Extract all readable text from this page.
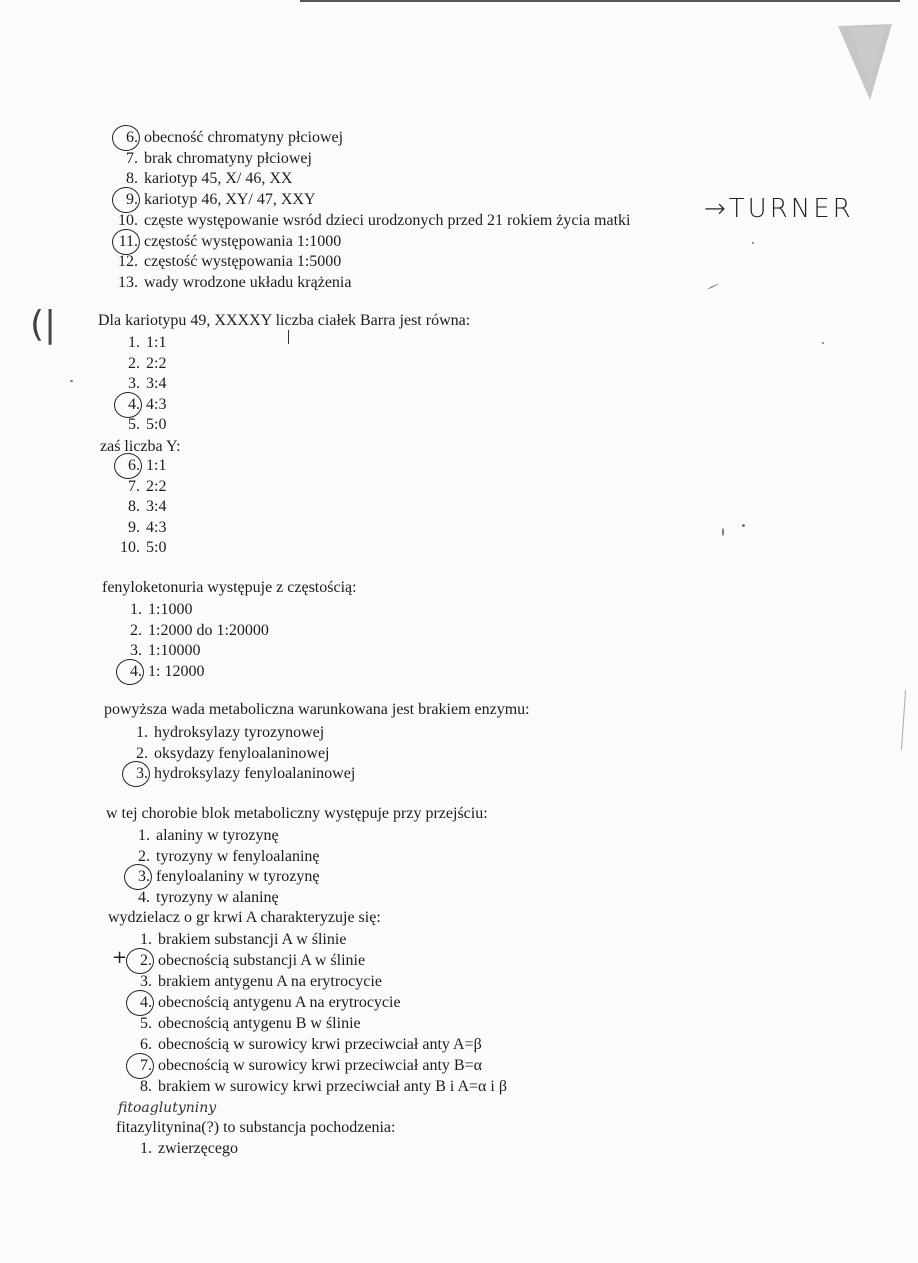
6. obecność chromatyny płciowej
7. brak chromatyny płciowej
8. kariotyp 45, X/ 46, XX
9. kariotyp 46, XY/ 47, XXY
10. częste występowanie wsród dzieci urodzonych przed 21 rokiem życia matki
11. częstość występowania 1:1000
12. częstość występowania 1:5000
13. wady wrodzone układu krążenia
Dla kariotypu 49, XXXXY liczba ciałek Barra jest równa:
1. 1:1
2. 2:2
3. 3:4
4. 4:3
5. 5:0
zaś liczba Y:
6. 1:1
7. 2:2
8. 3:4
9. 4:3
10. 5:0
fenyloketonuria występuje z częstością:
1. 1:1000
2. 1:2000 do 1:20000
3. 1:10000
4. 1: 12000
powyższa wada metaboliczna warunkowana jest brakiem enzymu:
1. hydroksylazy tyrozynowej
2. oksydazy fenyloalaninowej
3. hydroksylazy fenyloalaninowej
w tej chorobie blok metaboliczny występuje przy przejściu:
1. alaniny w tyrozynę
2. tyrozyny w fenyloalaninę
3. fenyloalaniny w tyrozynę
4. tyrozyny w alaninę
wydzielacz o gr krwi A charakteryzuje się:
1. brakiem substancji A w ślinie
2. obecnością substancji A w ślinie
3. brakiem antygenu A na erytrocycie
4. obecnością antygenu A na erytrocycie
5. obecnością antygenu B w ślinie
6. obecnością w surowicy krwi przeciwciał anty A=β
7. obecnością w surowicy krwi przeciwciał anty B=α
8. brakiem w surowicy krwi przeciwciał anty B i A=α i β
fitazylitynina(?) to substancja pochodzenia:
1. zwierzęcego
→TURNER
(|
+
fitoaglutyniny
